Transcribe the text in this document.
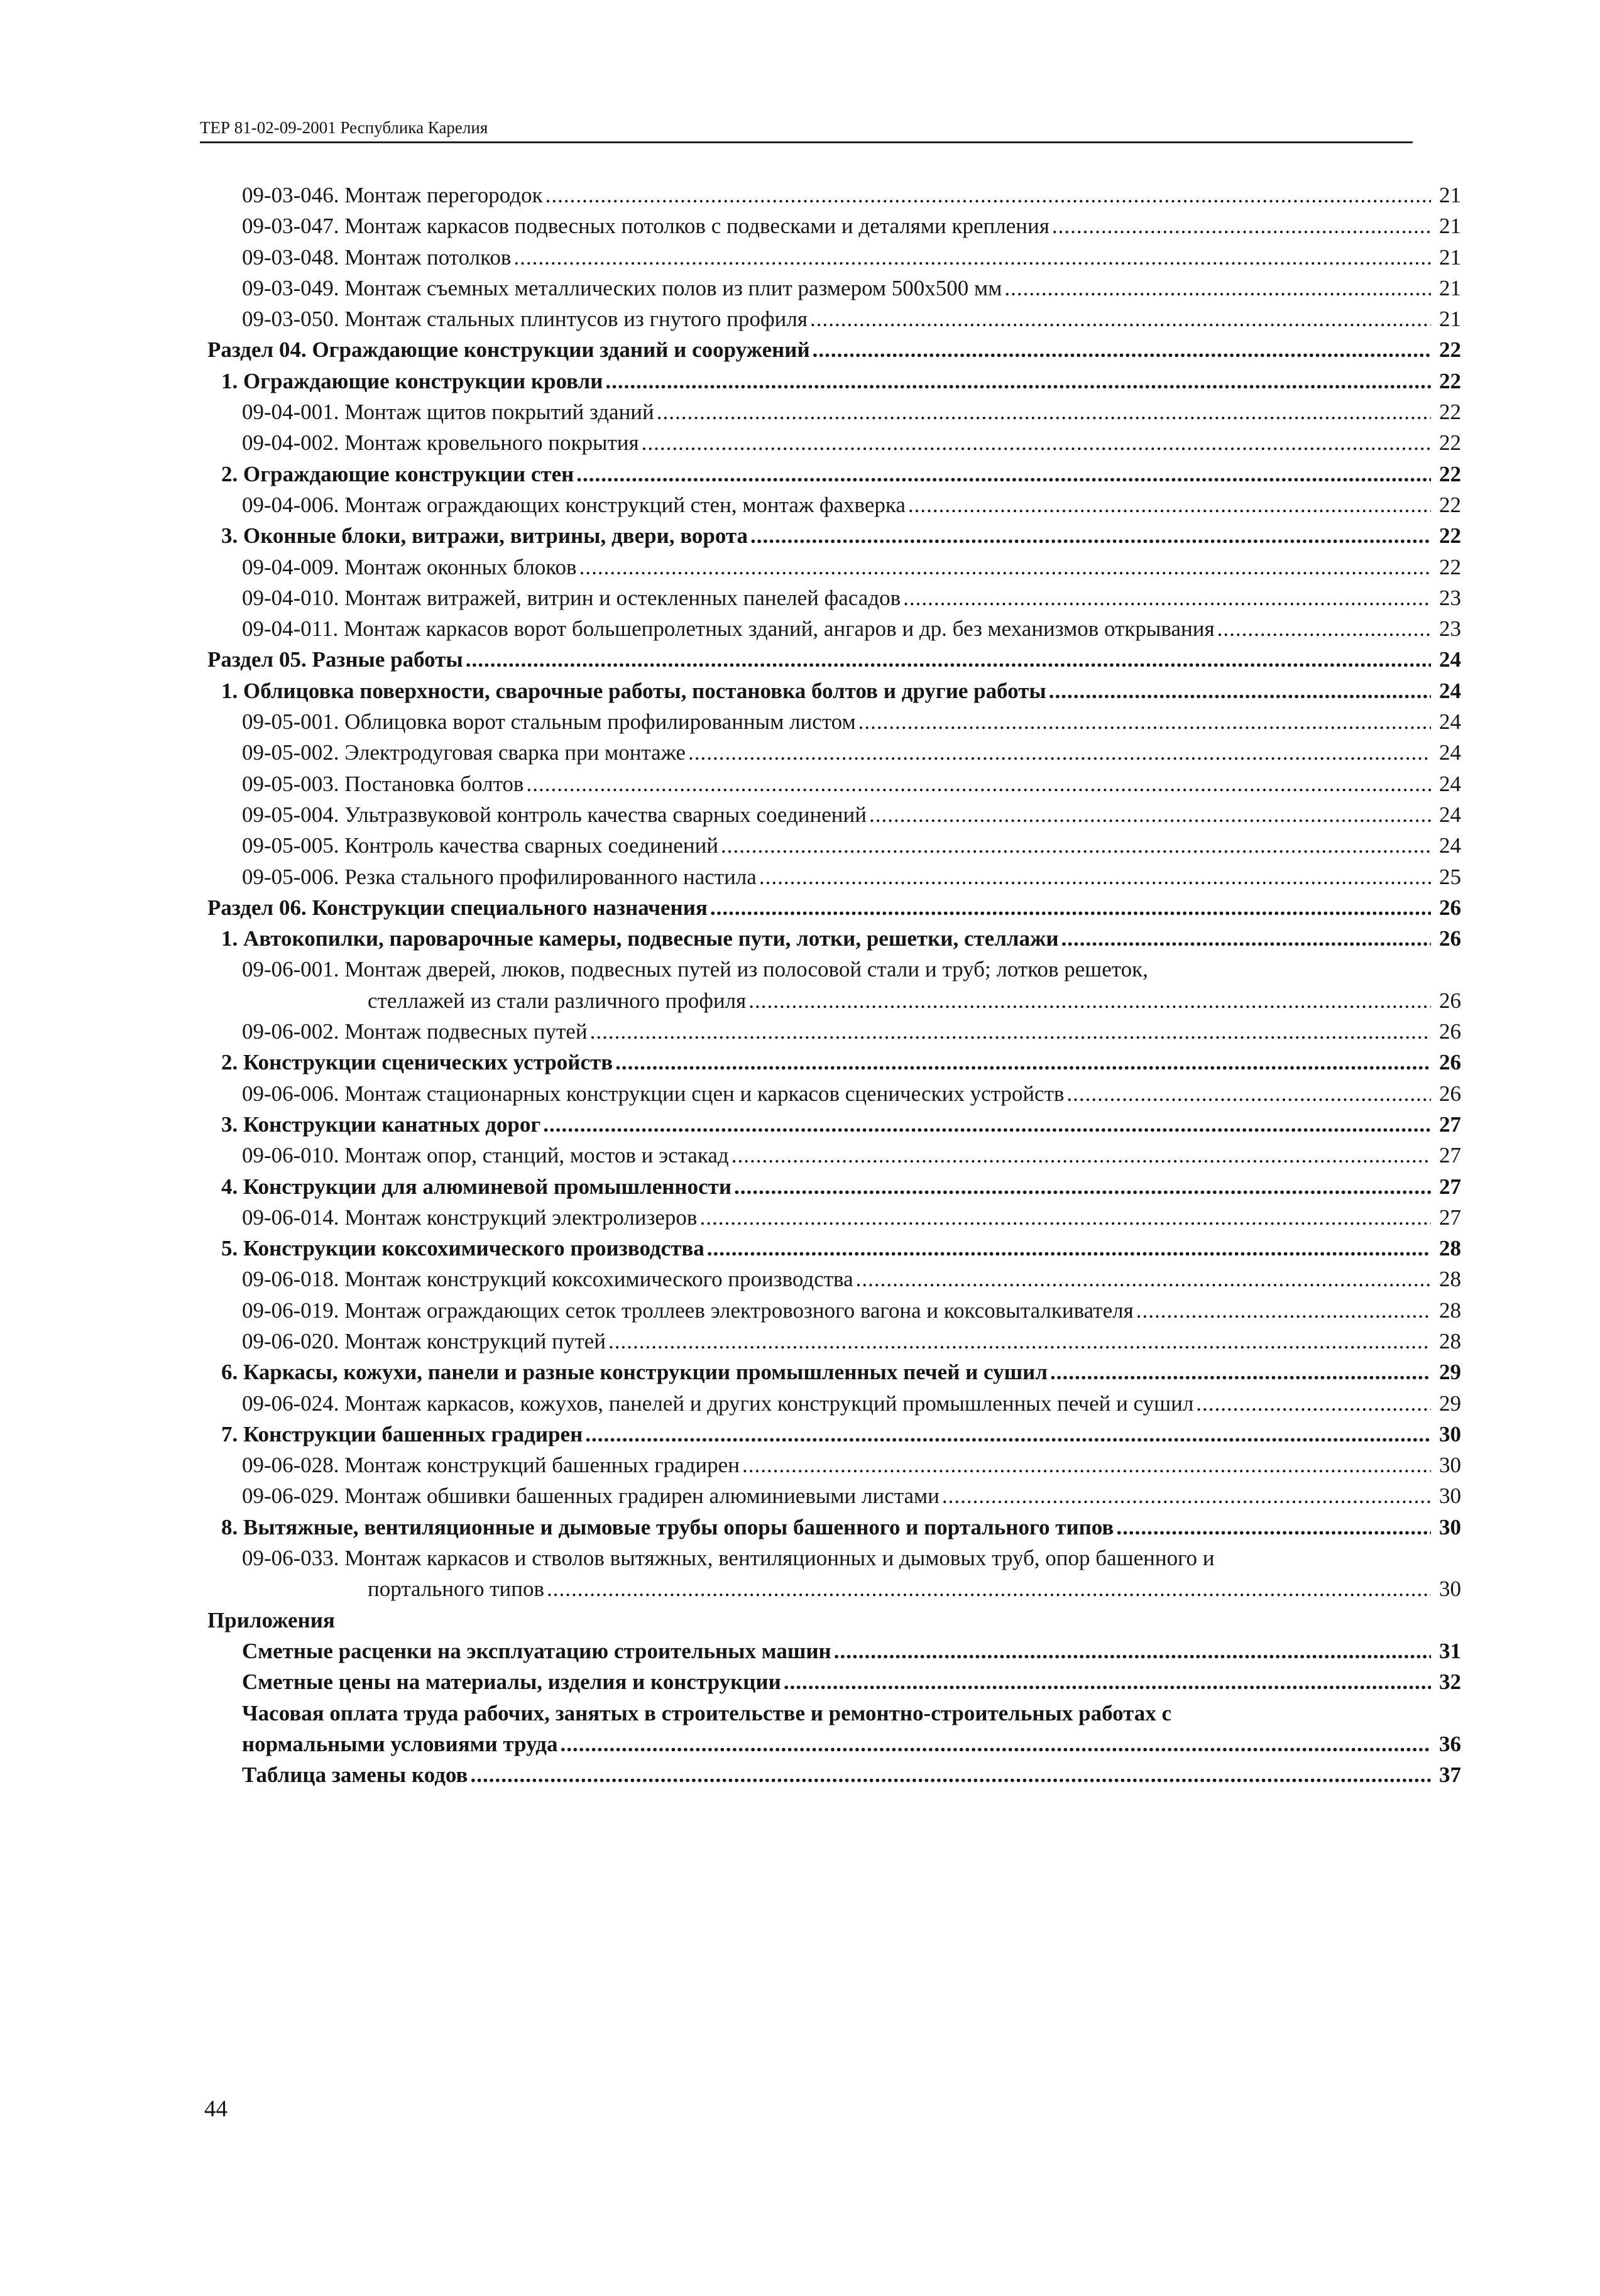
ТЕР 81-02-09-2001 Республика Карелия
09-03-046. Монтаж перегородок .....	21
09-03-047. Монтаж каркасов подвесных потолков с подвесками и деталями крепления .....	21
09-03-048. Монтаж потолков .....	21
09-03-049. Монтаж съемных металлических полов из плит размером 500х500 мм .....	21
09-03-050. Монтаж стальных плинтусов из гнутого профиля .....	21
Раздел 04. Ограждающие конструкции зданий и сооружений .....	22
1. Ограждающие конструкции кровли .....	22
09-04-001. Монтаж щитов покрытий зданий .....	22
09-04-002. Монтаж кровельного покрытия .....	22
2. Ограждающие конструкции стен .....	22
09-04-006. Монтаж ограждающих конструкций стен, монтаж фахверка .....	22
3. Оконные блоки, витражи, витрины, двери, ворота .....	22
09-04-009. Монтаж оконных блоков .....	22
09-04-010. Монтаж витражей, витрин и остекленных панелей фасадов .....	23
09-04-011. Монтаж каркасов ворот большепролетных зданий, ангаров и др. без механизмов открывания .....	23
Раздел 05. Разные работы .....	24
1. Облицовка поверхности, сварочные работы, постановка болтов и другие работы .....	24
09-05-001. Облицовка ворот стальным профилированным листом .....	24
09-05-002. Электродуговая сварка при монтаже .....	24
09-05-003. Постановка болтов .....	24
09-05-004. Ультразвуковой контроль качества сварных соединений .....	24
09-05-005. Контроль качества сварных соединений .....	24
09-05-006. Резка стального профилированного настила .....	25
Раздел 06. Конструкции специального назначения .....	26
1. Автокопилки, пароварочные камеры, подвесные пути, лотки, решетки, стеллажи .....	26
09-06-001. Монтаж дверей, люков, подвесных путей из полосовой стали и труб; лотков решеток,
стеллажей из стали различного профиля .....	26
09-06-002. Монтаж подвесных путей .....	26
2. Конструкции сценических устройств .....	26
09-06-006. Монтаж стационарных конструкции сцен и каркасов сценических устройств .....	26
3. Конструкции канатных дорог .....	27
09-06-010. Монтаж опор, станций, мостов и эстакад .....	27
4. Конструкции для алюминевой промышленности .....	27
09-06-014. Монтаж конструкций электролизеров .....	27
5. Конструкции коксохимического производства .....	28
09-06-018. Монтаж конструкций коксохимического производства .....	28
09-06-019. Монтаж ограждающих сеток троллеев электровозного вагона и коксовыталкивателя .....	28
09-06-020. Монтаж конструкций путей .....	28
6. Каркасы, кожухи, панели и разные конструкции промышленных печей и сушил .....	29
09-06-024. Монтаж каркасов, кожухов, панелей и других конструкций промышленных печей и сушил .....	29
7. Конструкции башенных градирен .....	30
09-06-028. Монтаж конструкций башенных градирен .....	30
09-06-029. Монтаж обшивки башенных градирен алюминиевыми листами .....	30
8. Вытяжные, вентиляционные и дымовые трубы опоры башенного и портального типов .....	30
09-06-033. Монтаж каркасов и стволов вытяжных, вентиляционных и дымовых труб, опор башенного и
портального типов .....	30
Приложения
Сметные расценки на эксплуатацию строительных машин .....	31
Сметные цены на материалы, изделия и конструкции .....	32
Часовая оплата труда рабочих, занятых в строительстве и ремонтно-строительных работах с
нормальными условиями труда .....	36
Таблица замены кодов .....	37
44
